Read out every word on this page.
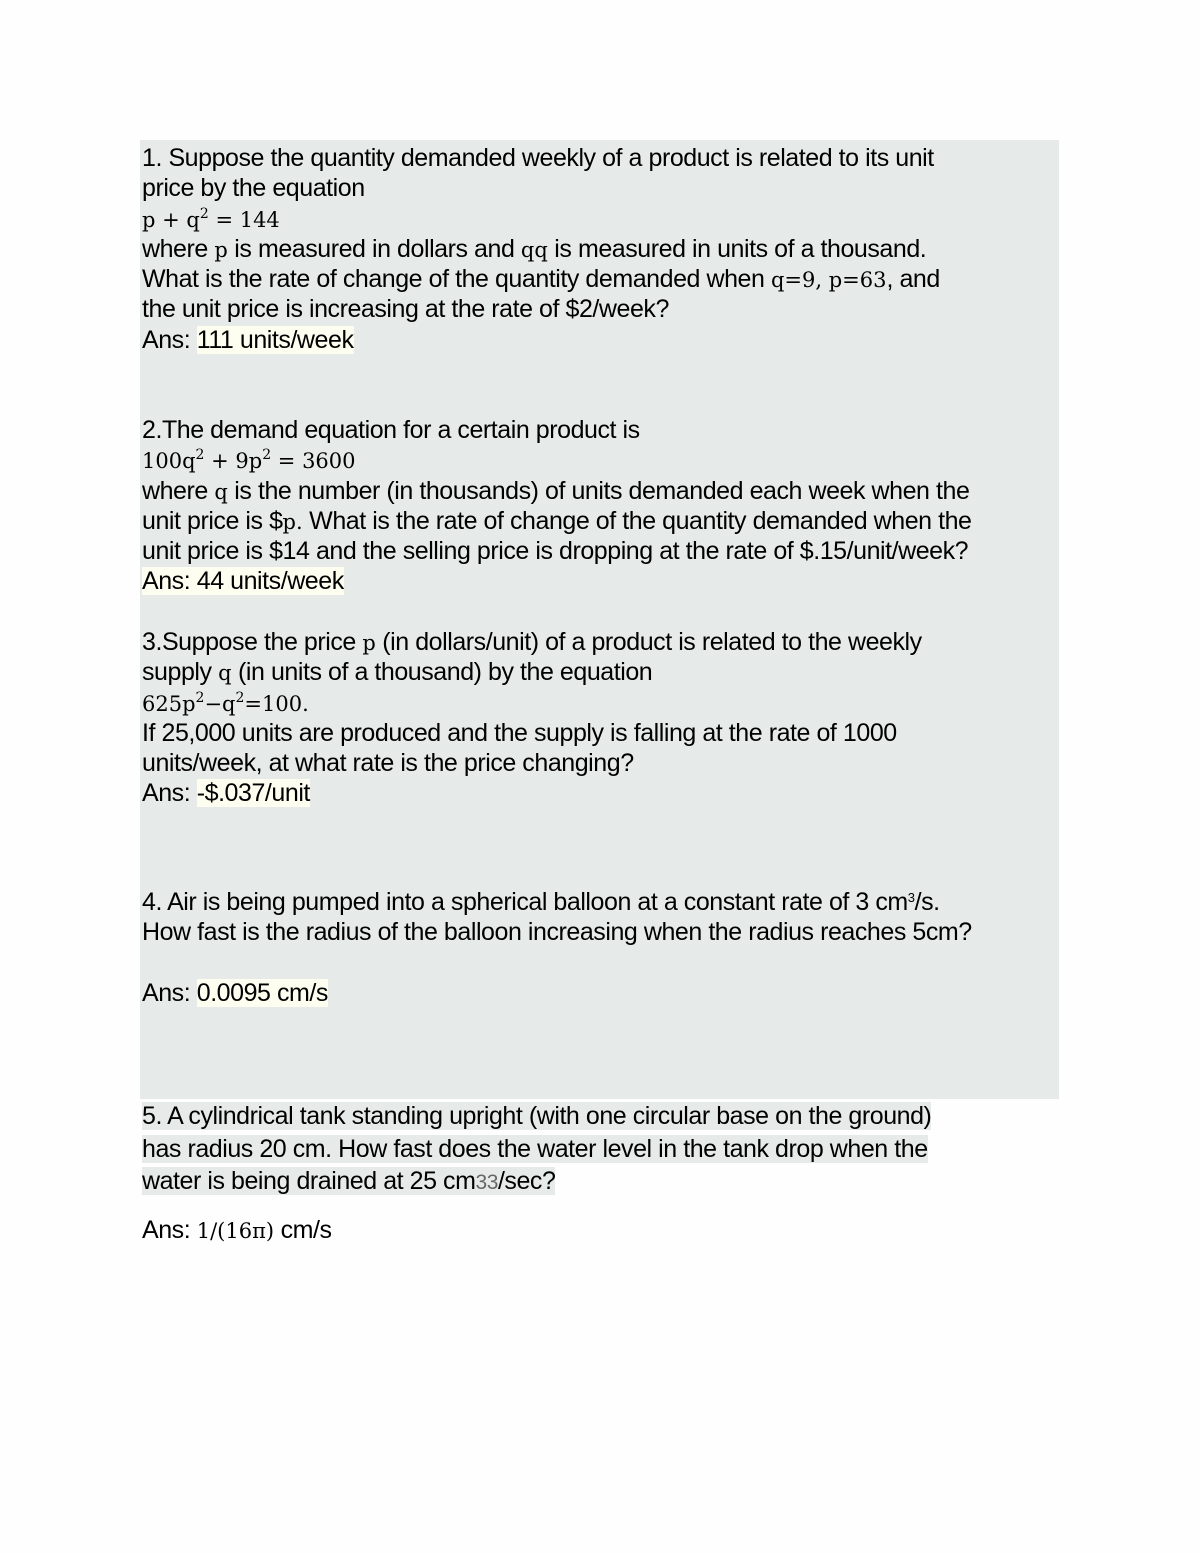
1. Suppose the quantity demanded weekly of a product is related to its unit
price by the equation
$p + q^2 = 144$
where p is measured in dollars and qq is measured in units of a thousand.
What is the rate of change of the quantity demanded when q=9, p=63, and
the unit price is increasing at the rate of $2/week?
Ans: 111 units/week
2.The demand equation for a certain product is
$100q^2 + 9p^2 = 3600$
where q is the number (in thousands) of units demanded each week when the
unit price is $p. What is the rate of change of the quantity demanded when the
unit price is $14 and the selling price is dropping at the rate of $.15/unit/week?
Ans: 44 units/week
3.Suppose the price p (in dollars/unit) of a product is related to the weekly
supply q (in units of a thousand) by the equation
$625p^2-q^2=100$.
If 25,000 units are produced and the supply is falling at the rate of 1000
units/week, at what rate is the price changing?
Ans: -$.037/unit
4. Air is being pumped into a spherical balloon at a constant rate of 3 $cm^3/s$.
How fast is the radius of the balloon increasing when the radius reaches 5cm?
Ans: 0.0095 cm/s
5. A cylindrical tank standing upright (with one circular base on the ground)
has radius 20 cm. How fast does the water level in the tank drop when the
water is being drained at 25 cm33/sec?
Ans: 1/(16π) cm/s
